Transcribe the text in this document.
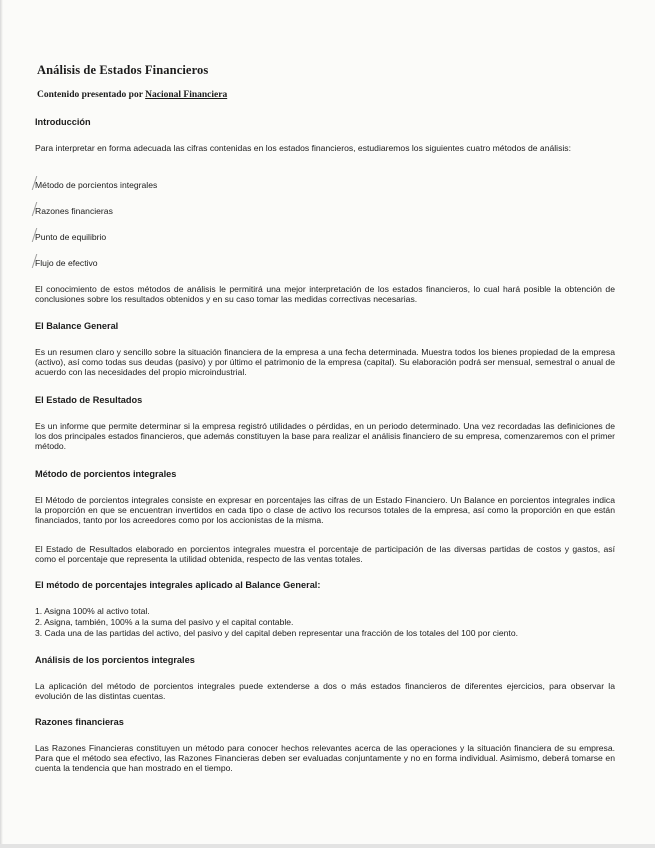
Análisis de Estados Financieros
Contenido presentado por Nacional Financiera
Introducción
Para interpretar en forma adecuada las cifras contenidas en los estados financieros, estudiaremos los siguientes cuatro métodos de análisis:
Método de porcientos integrales
Razones financieras
Punto de equilibrio
Flujo de efectivo
El conocimiento de estos métodos de análisis le permitirá una mejor interpretación de los estados financieros, lo cual hará posible la obtención de conclusiones sobre los resultados obtenidos y en su caso tomar las medidas correctivas necesarias.
El Balance General
Es un resumen claro y sencillo sobre la situación financiera de la empresa a una fecha determinada. Muestra todos los bienes propiedad de la empresa (activo), así como todas sus deudas (pasivo) y por último el patrimonio de la empresa (capital). Su elaboración podrá ser mensual, semestral o anual de acuerdo con las necesidades del propio microindustrial.
El Estado de Resultados
Es un informe que permite determinar si la empresa registró utilidades o pérdidas, en un periodo determinado. Una vez recordadas las definiciones de los dos principales estados financieros, que además constituyen la base para realizar el análisis financiero de su empresa, comenzaremos con el primer método.
Método de porcientos integrales
El Método de porcientos integrales consiste en expresar en porcentajes las cifras de un Estado Financiero. Un Balance en porcientos integrales indica la proporción en que se encuentran invertidos en cada tipo o clase de activo los recursos totales de la empresa, así como la proporción en que están financiados, tanto por los acreedores como por los accionistas de la misma.
El Estado de Resultados elaborado en porcientos integrales muestra el porcentaje de participación de las diversas partidas de costos y gastos, así como el porcentaje que representa la utilidad obtenida, respecto de las ventas totales.
El método de porcentajes integrales aplicado al Balance General:
1. Asigna 100% al activo total.
2. Asigna, también, 100% a la suma del pasivo y el capital contable.
3. Cada una de las partidas del activo, del pasivo y del capital deben representar una fracción de los totales del 100 por ciento.
Análisis de los porcientos integrales
La aplicación del método de porcientos integrales puede extenderse a dos o más estados financieros de diferentes ejercicios, para observar la evolución de las distintas cuentas.
Razones financieras
Las Razones Financieras constituyen un método para conocer hechos relevantes acerca de las operaciones y la situación financiera de su empresa. Para que el método sea efectivo, las Razones Financieras deben ser evaluadas conjuntamente y no en forma individual. Asimismo, deberá tomarse en cuenta la tendencia que han mostrado en el tiempo.
